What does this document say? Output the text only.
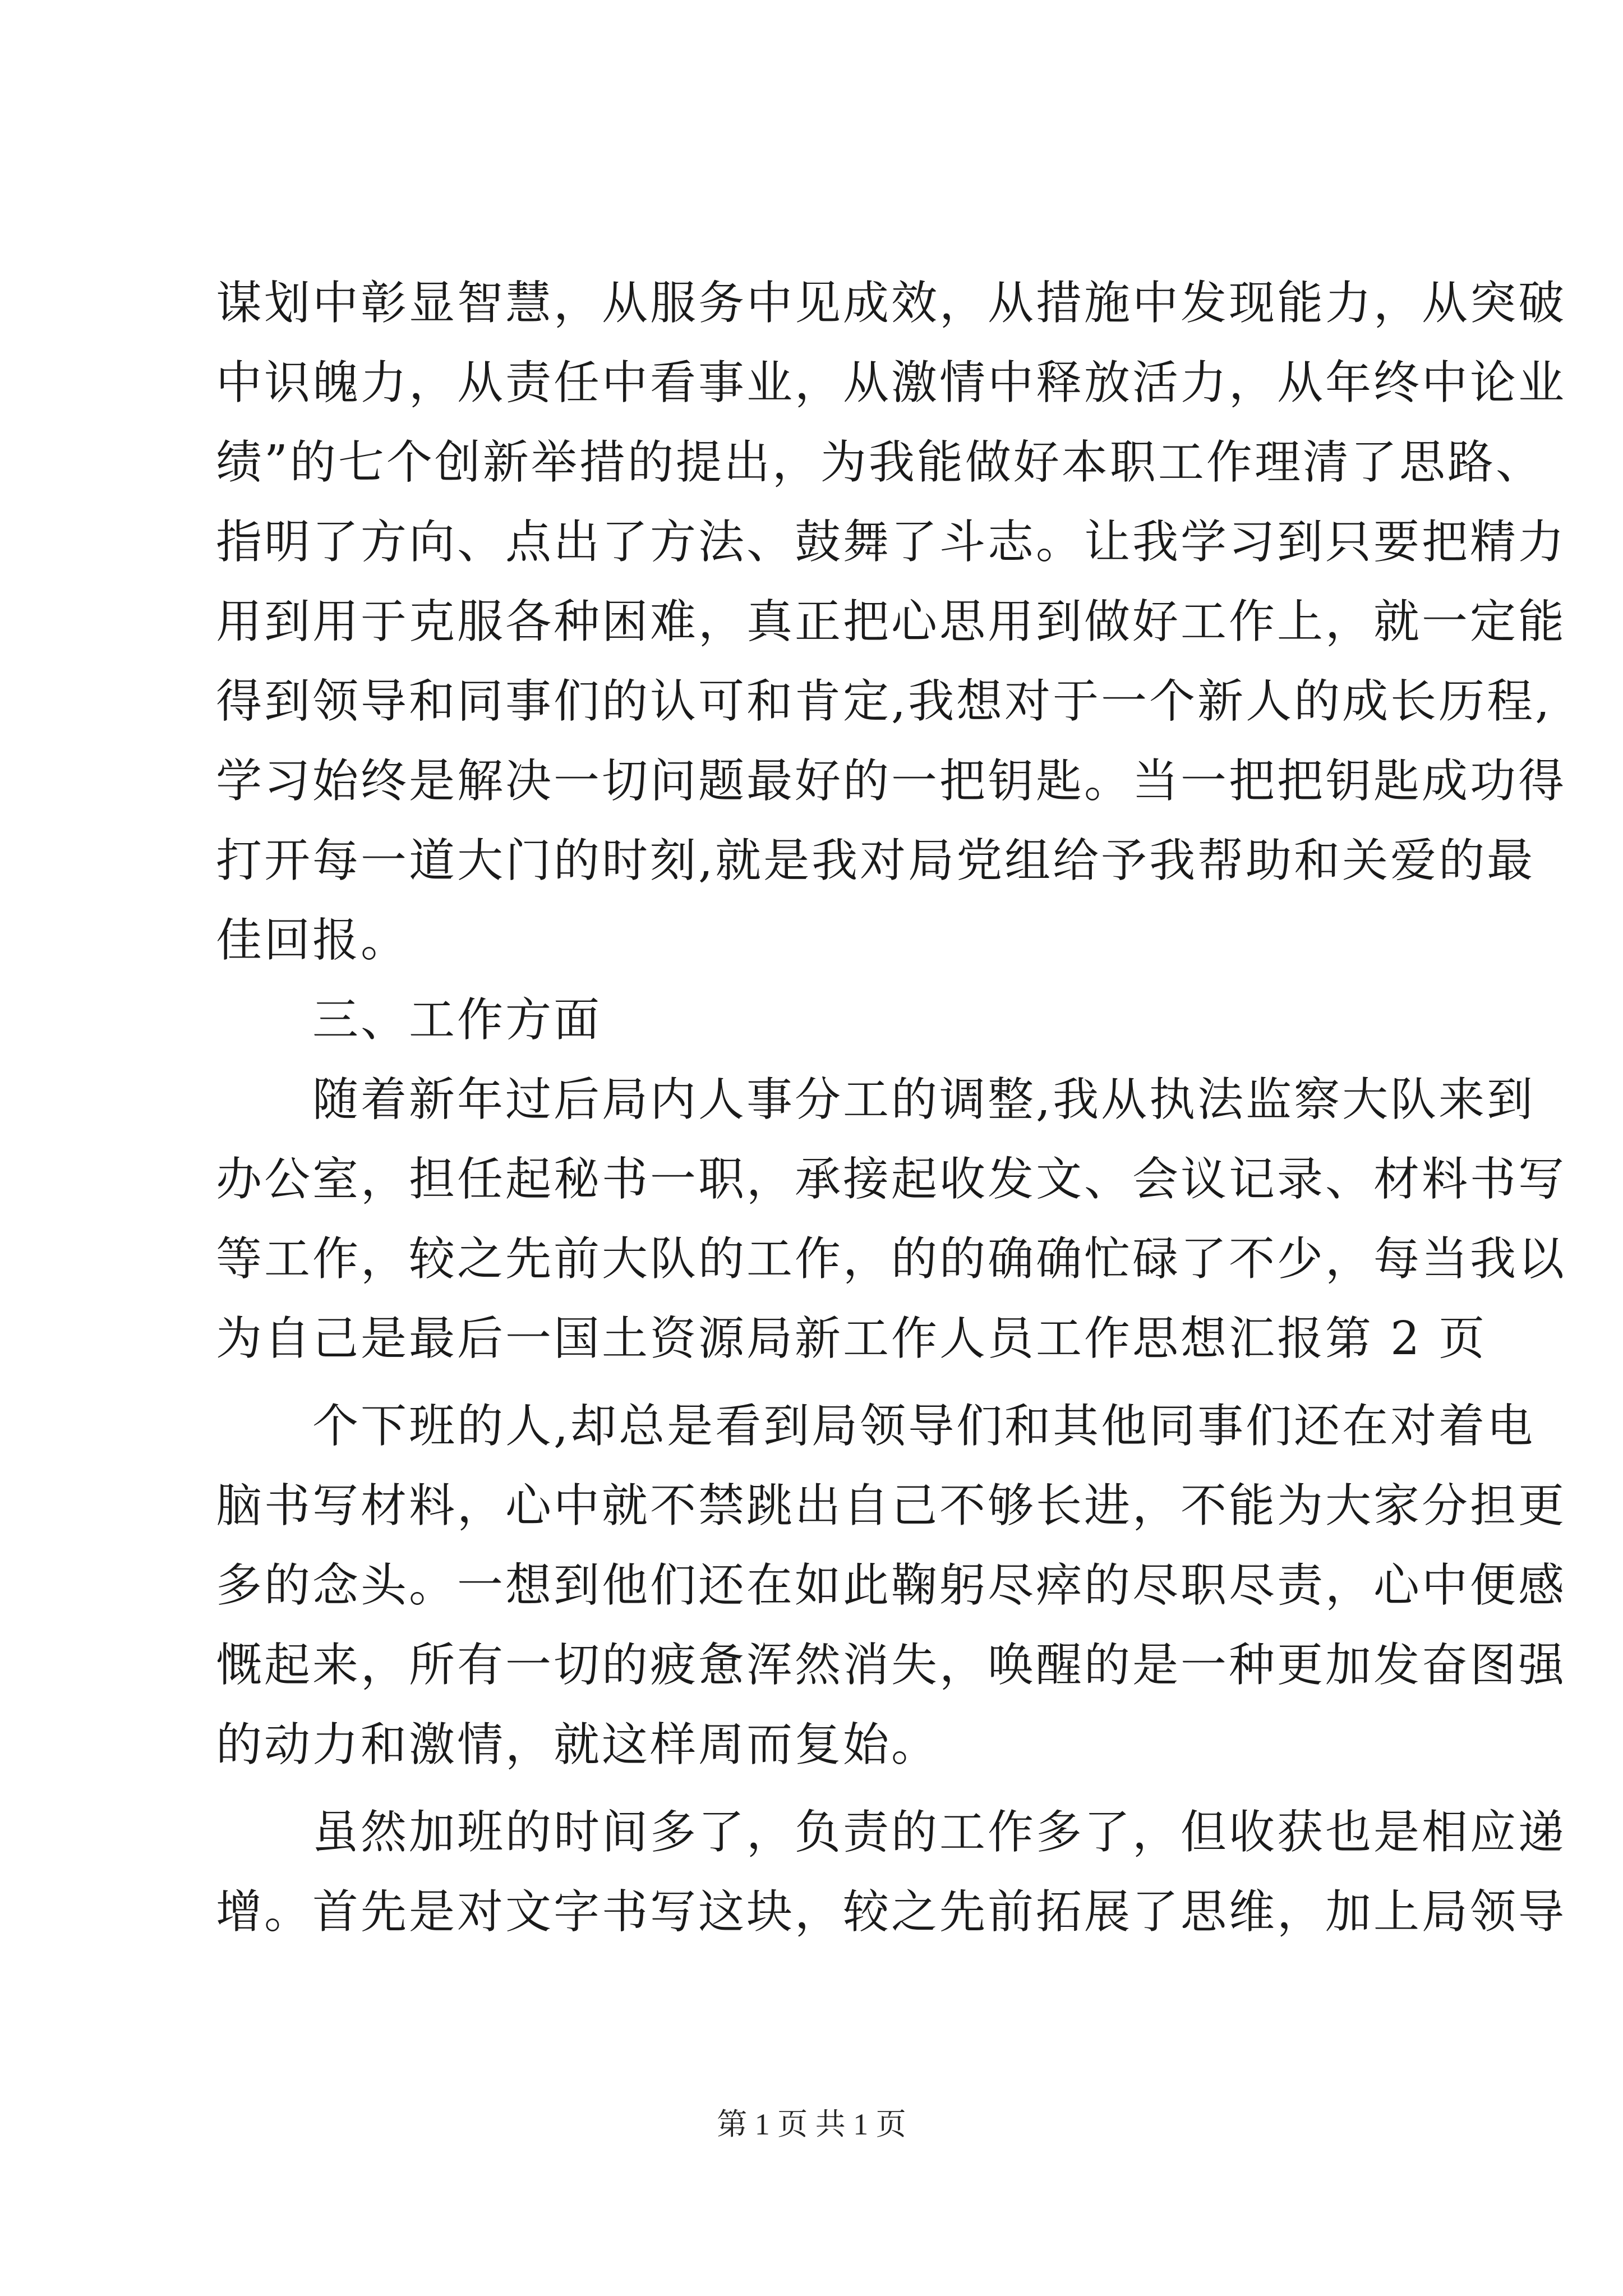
谋划中彰显智慧，从服务中见成效，从措施中发现能力，从突破
中识魄力，从责任中看事业，从激情中释放活力，从年终中论业
绩”的七个创新举措的提出，为我能做好本职工作理清了思路、
指明了方向、点出了方法、鼓舞了斗志。让我学习到只要把精力
用到用于克服各种困难，真正把心思用到做好工作上，就一定能
得到领导和同事们的认可和肯定,我想对于一个新人的成长历程,
学习始终是解决一切问题最好的一把钥匙。当一把把钥匙成功得
打开每一道大门的时刻,就是我对局党组给予我帮助和关爱的最
佳回报。
　　三、工作方面
　　随着新年过后局内人事分工的调整,我从执法监察大队来到
办公室，担任起秘书一职，承接起收发文、会议记录、材料书写
等工作，较之先前大队的工作，的的确确忙碌了不少，每当我以
为自己是最后一国土资源局新工作人员工作思想汇报第 2 页
　　个下班的人,却总是看到局领导们和其他同事们还在对着电
脑书写材料，心中就不禁跳出自己不够长进，不能为大家分担更
多的念头。一想到他们还在如此鞠躬尽瘁的尽职尽责，心中便感
慨起来，所有一切的疲惫浑然消失，唤醒的是一种更加发奋图强
的动力和激情，就这样周而复始。
　　虽然加班的时间多了，负责的工作多了，但收获也是相应递
增。首先是对文字书写这块，较之先前拓展了思维，加上局领导
第 1 页 共 1 页
